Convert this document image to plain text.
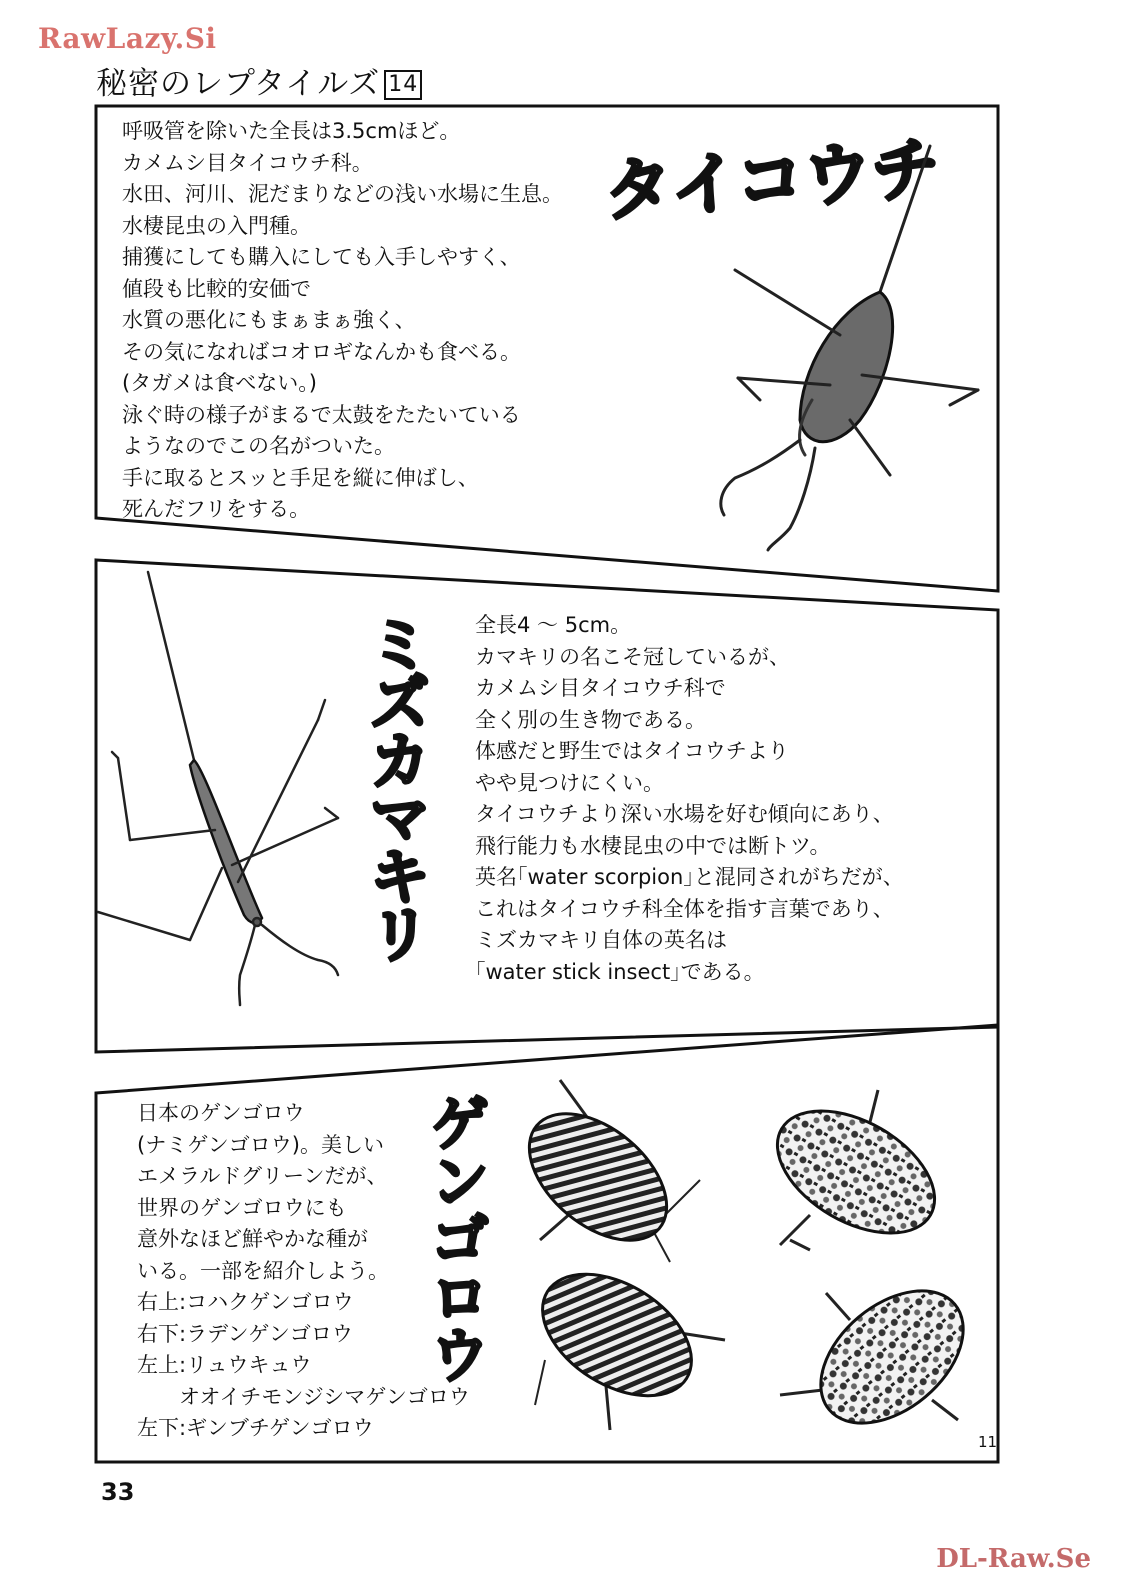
RawLazy.Si
秘密のレプタイルズ 14
タイコウチ
ミズカマキリ
ゲンゴロウ
呼吸管を除いた全長は3.5cmほど。
カメムシ目タイコウチ科。
水田、河川、泥だまりなどの浅い水場に生息。
水棲昆虫の入門種。
捕獲にしても購入にしても入手しやすく、
値段も比較的安価で
水質の悪化にもまぁまぁ強く、
その気になればコオロギなんかも食べる。
(タガメは食べない。)
泳ぐ時の様子がまるで太鼓をたたいている
ようなのでこの名がついた。
手に取るとスッと手足を縦に伸ばし、
死んだフリをする。
全長4 ～ 5cm。
カマキリの名こそ冠しているが、
カメムシ目タイコウチ科で
全く別の生き物である。
体感だと野生ではタイコウチより
やや見つけにくい。
タイコウチより深い水場を好む傾向にあり、
飛行能力も水棲昆虫の中では断トツ。
英名｢water scorpion｣と混同されがちだが、
これはタイコウチ科全体を指す言葉であり、
ミズカマキリ自体の英名は
｢water stick insect｣である。
日本のゲンゴロウ
(ナミゲンゴロウ)。美しい
エメラルドグリーンだが、
世界のゲンゴロウにも
意外なほど鮮やかな種が
いる。一部を紹介しよう。
右上:コハクゲンゴロウ
右下:ラデンゲンゴロウ
左上:リュウキュウ
　　オオイチモンジシマゲンゴロウ
左下:ギンブチゲンゴロウ
11
33
DL-Raw.Se
